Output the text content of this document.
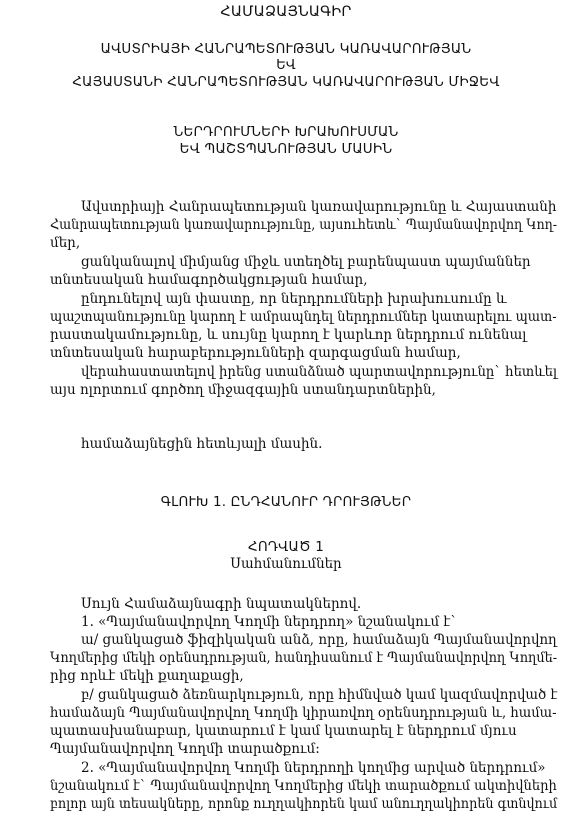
ՀԱՄԱՁԱՅՆԱԳԻՐ
ԱՎՍՏՐԻԱՅԻ ՀԱՆՐԱՊԵՏՈՒԹՅԱՆ ԿԱՌԱՎԱՐՈՒԹՅԱՆ
ԵՎ
ՀԱՅԱՍՏԱՆԻ ՀԱՆՐԱՊԵՏՈՒԹՅԱՆ ԿԱՌԱՎԱՐՈՒԹՅԱՆ ՄԻՋԵՎ
ՆԵՐԴՐՈՒՄՆԵՐԻ ԽՐԱԽՈՒՍՄԱՆ
ԵՎ ՊԱՇՏՊԱՆՈՒԹՅԱՆ ՄԱՍԻՆ
Ավստրիայի Հանրապետության կառավարությունը և Հայաստանի
Հանրապետության կառավարությունը, այսուհետև` Պայմանավորվող Կող-
մեր,
ցանկանալով միմյանց միջև ստեղծել բարենպաստ պայմաններ
տնտեսական համագործակցության համար,
ընդունելով այն փաստը, որ ներդրումների խրախուսումը և
պաշտպանությունը կարող է ամրապնդել ներդրումներ կատարելու պատ-
րաստակամությունը, և սույնը կարող է կարևոր ներդրում ունենալ
տնտեսական հարաբերությունների զարգացման համար,
վերահաստատելով իրենց ստանձնած պարտավորությունը` հետևել
այս ոլորտում գործող միջազգային ստանդարտներին,
համաձայնեցին հետևյալի մասին.
ԳԼՈՒԽ 1. ԸՆԴՀԱՆՈՒՐ ԴՐՈՒՅԹՆԵՐ
ՀՈԴՎԱԾ 1
Սահմանումներ
Սույն Համաձայնագրի նպատակներով.
1. «Պայմանավորվող Կողմի ներդրող» նշանակում է`
ա/ ցանկացած ֆիզիկական անձ, որը, համաձայն Պայմանավորվող
Կողմերից մեկի օրենսդրության, հանդիսանում է Պայմանավորվող Կողմե-
րից որևէ մեկի քաղաքացի,
բ/ ցանկացած ձեռնարկություն, որը հիմնված կամ կազմավորված է
համաձայն Պայմանավորվող Կողմի կիրառվող օրենսդրության և, համա-
պատասխանաբար, կատարում է կամ կատարել է ներդրում մյուս
Պայմանավորվող Կողմի տարածքում:
2. «Պայմանավորվող Կողմի ներդրողի կողմից արված ներդրում»
նշանակում է` Պայմանավորվող Կողմերից մեկի տարածքում ակտիվների
բոլոր այն տեսակները, որոնք ուղղակիորեն կամ անուղղակիորեն գտնվում
